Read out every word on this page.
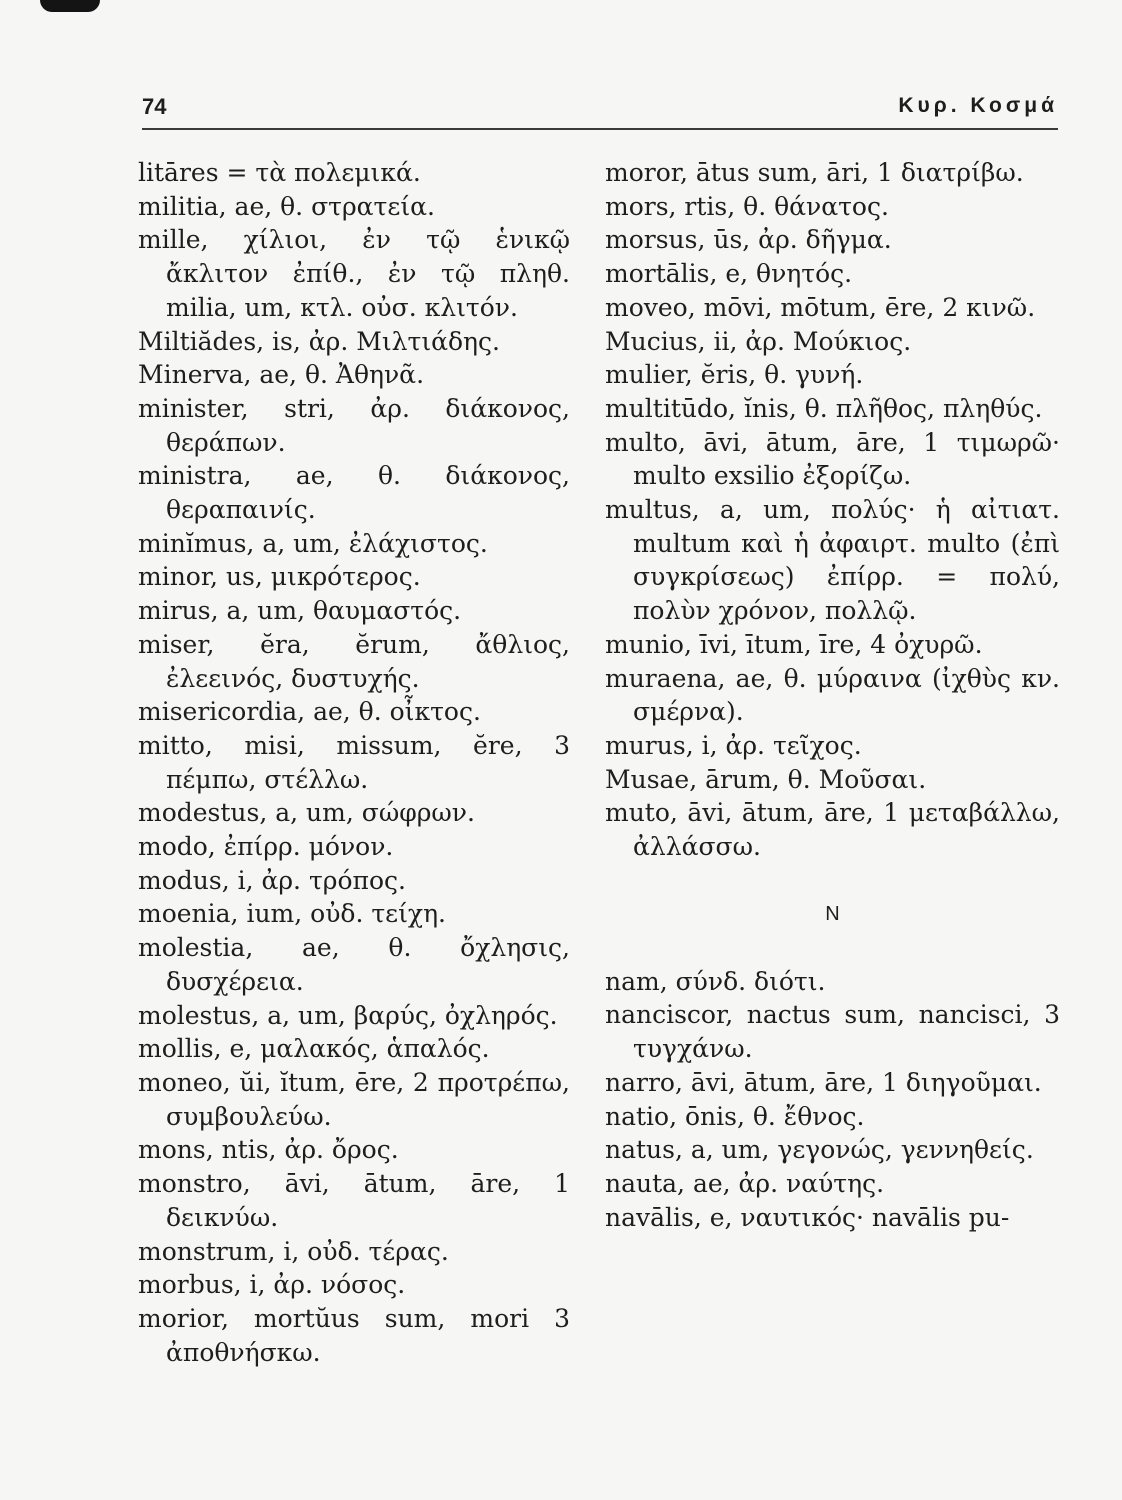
74	Κυρ. Κοσμά

litāres = τὰ πολεμικά.

militia, ae, θ. στρατεία.

mille, χίλιοι, ἐν τῷ ἑνικῷ ἄκλιτον ἐπίθ., ἐν τῷ πληθ. milia, um, κτλ. οὐσ. κλιτόν.

Miltiădes, is, ἀρ. Μιλτιάδης.

Minerva, ae, θ. Ἀθηνᾶ.

minister, stri, ἀρ. διάκονος, θεράπων.

ministra, ae, θ. διάκονος, θεραπαινίς.

minĭmus, a, um, ἐλάχιστος.

minor, us, μικρότερος.

mirus, a, um, θαυμαστός.

miser, ĕra, ĕrum, ἄθλιος, ἐλεεινός, δυστυχής.

misericordia, ae, θ. οἶκτος.

mitto, misi, missum, ĕre, 3 πέμπω, στέλλω.

modestus, a, um, σώφρων.

modo, ἐπίρρ. μόνον.

modus, i, ἀρ. τρόπος.

moenia, ium, οὐδ. τείχη.

molestia, ae, θ. ὄχλησις, δυσχέρεια.

molestus, a, um, βαρύς, ὀχληρός.

mollis, e, μαλακός, ἁπαλός.

moneo, ŭi, ĭtum, ēre, 2 προτρέπω, συμβουλεύω.

mons, ntis, ἀρ. ὄρος.

monstro, āvi, ātum, āre, 1 δεικνύω.

monstrum, i, οὐδ. τέρας.

morbus, i, ἀρ. νόσος.

morior, mortŭus sum, mori 3 ἀποθνήσκω.

moror, ātus sum, āri, 1 διατρίβω.

mors, rtis, θ. θάνατος.

morsus, ūs, ἀρ. δῆγμα.

mortālis, e, θνητός.

moveo, mōvi, mōtum, ēre, 2 κινῶ.

Mucius, ii, ἀρ. Μούκιος.

mulier, ĕris, θ. γυνή.

multitūdo, ĭnis, θ. πλῆθος, πληθύς.

multo, āvi, ātum, āre, 1 τιμωρῶ· multo exsilio ἐξορίζω.

multus, a, um, πολύς· ἡ αἰτιατ. multum καὶ ἡ ἀφαιρτ. multo (ἐπὶ συγκρίσεως) ἐπίρρ. = πολύ, πολὺν χρόνον, πολλῷ.

munio, īvi, ītum, īre, 4 ὀχυρῶ.

muraena, ae, θ. μύραινα (ἰχθὺς κν. σμέρνα).

murus, i, ἀρ. τεῖχος.

Musae, ārum, θ. Μοῦσαι.

muto, āvi, ātum, āre, 1 μεταβάλλω, ἀλλάσσω.

N

nam, σύνδ. διότι.

nanciscor, nactus sum, nancisci, 3 τυγχάνω.

narro, āvi, ātum, āre, 1 διηγοῦμαι.

natio, ōnis, θ. ἔθνος.

natus, a, um, γεγονώς, γεννηθείς.

nauta, ae, ἀρ. ναύτης.

navālis, e, ναυτικός· navālis pu-
